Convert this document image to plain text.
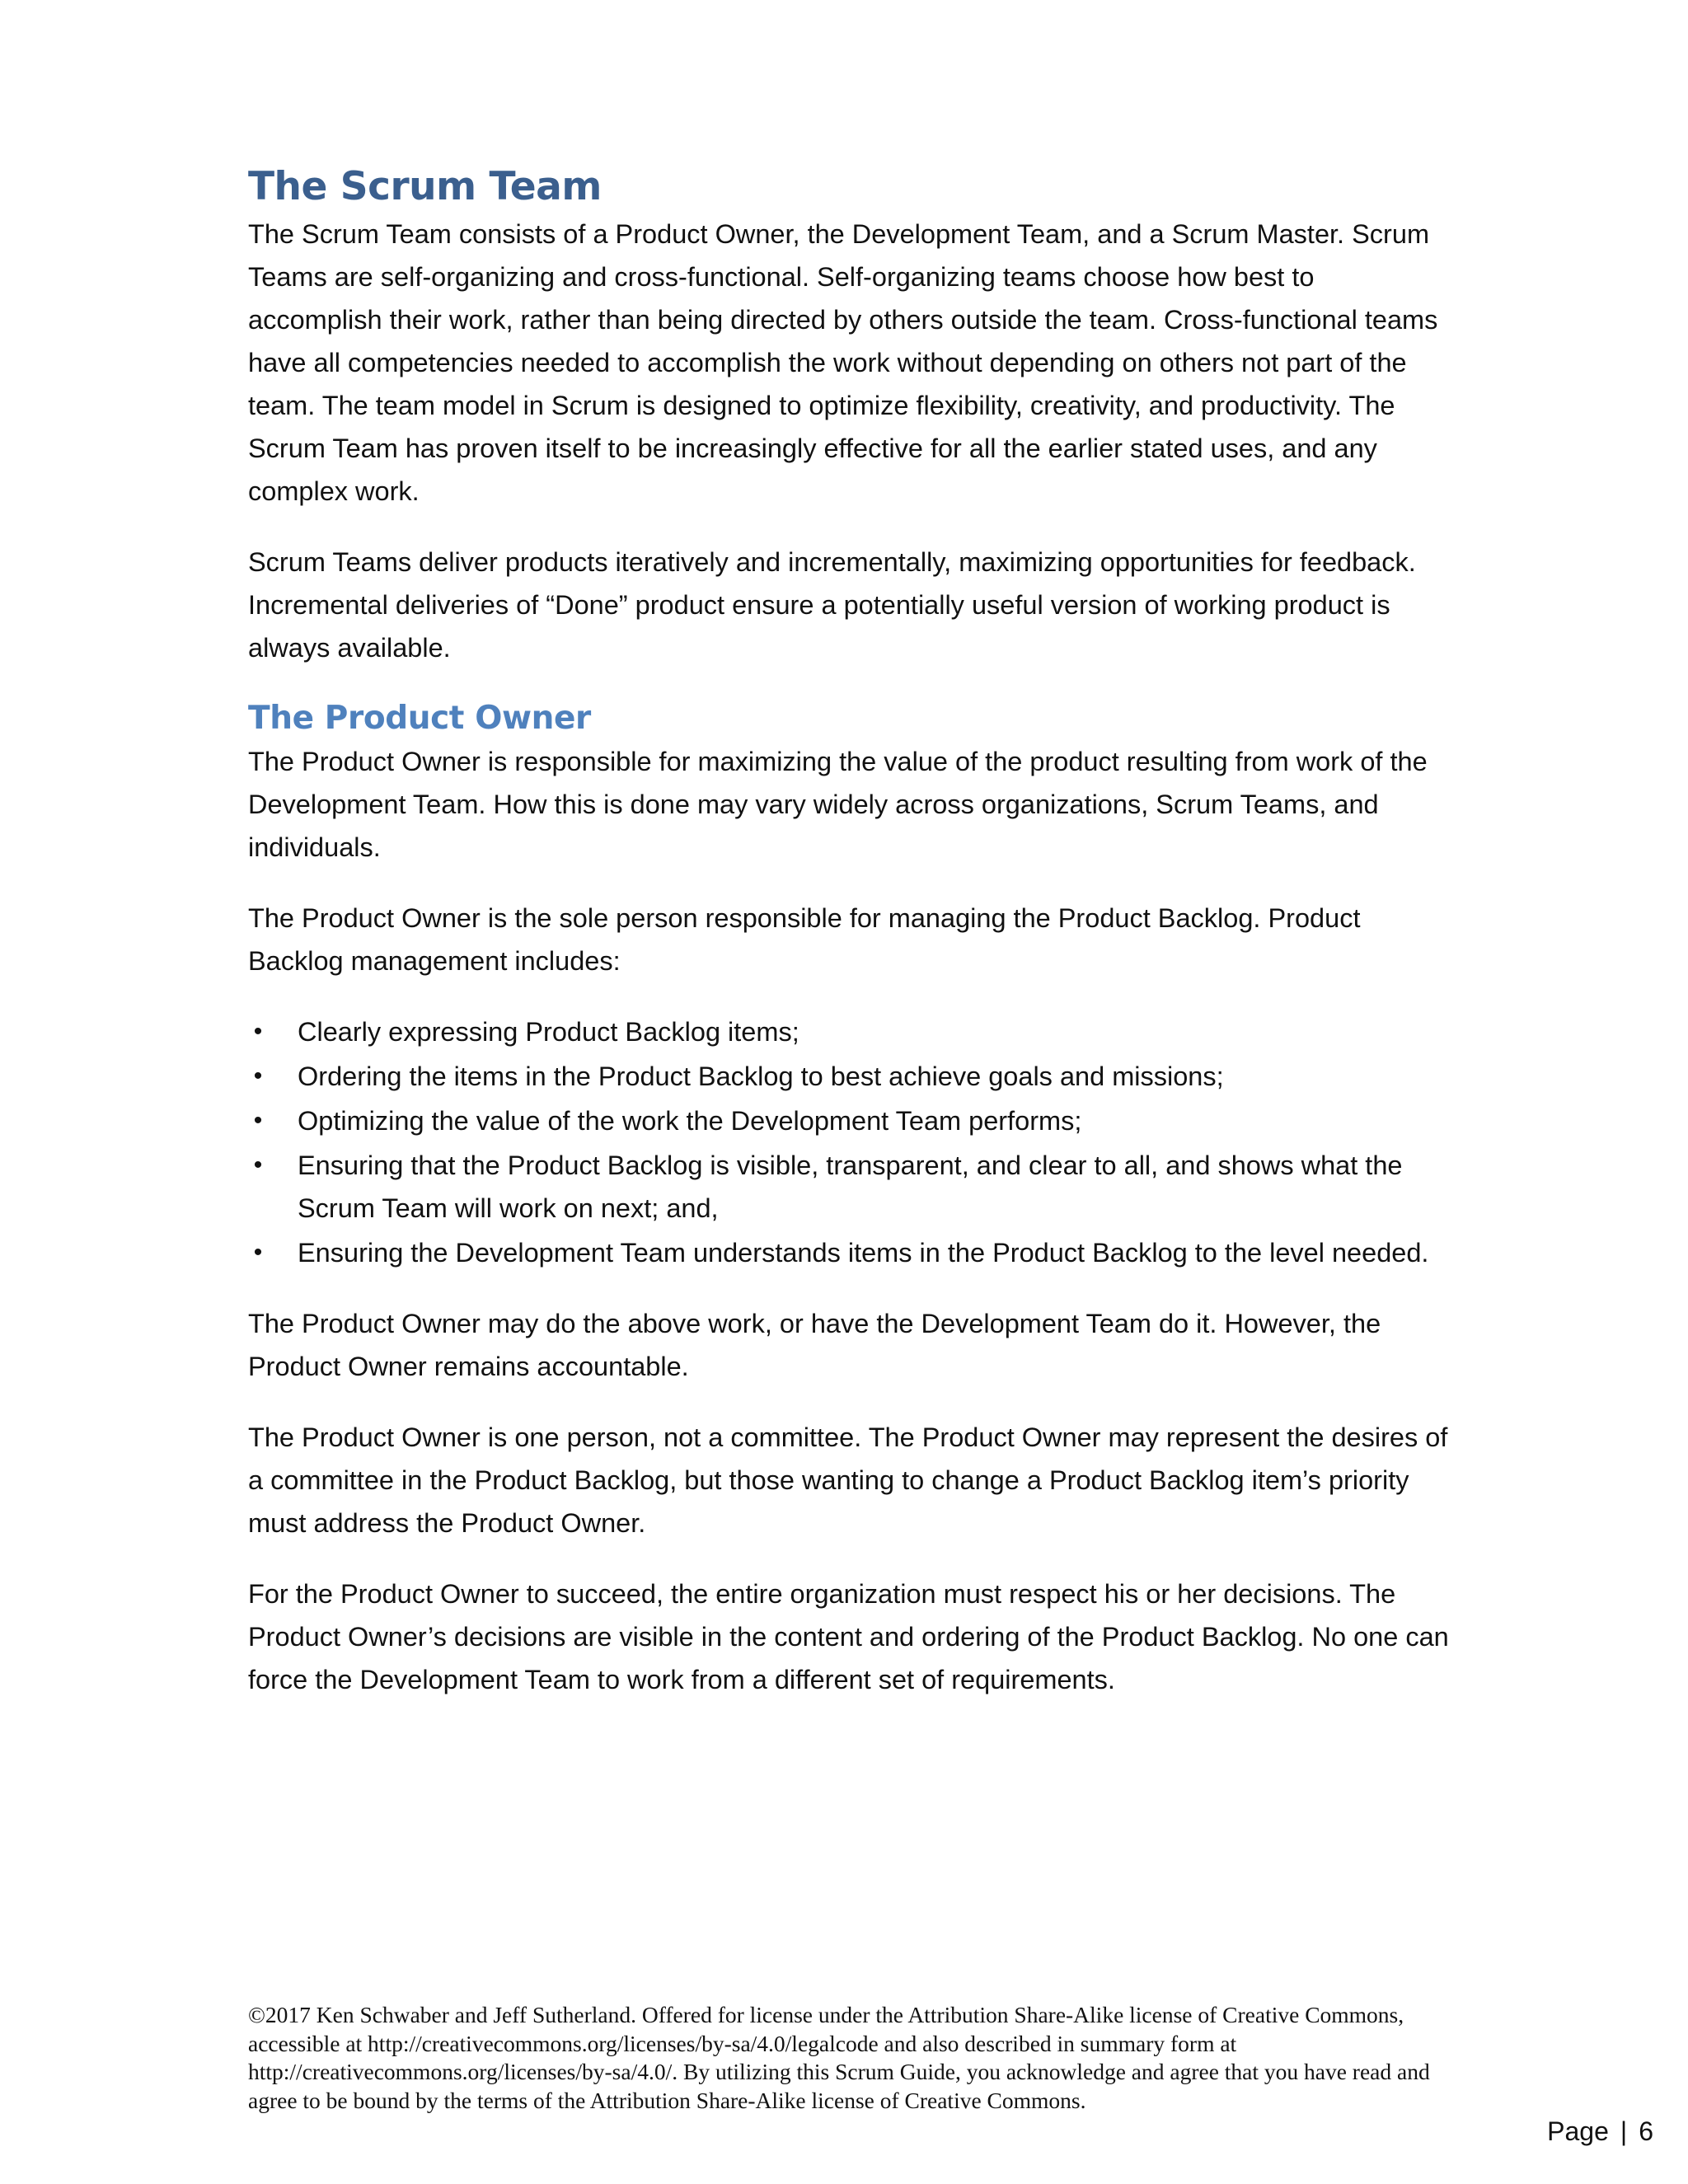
The Scrum Team

The Scrum Team consists of a Product Owner, the Development Team, and a Scrum Master. Scrum Teams are self-organizing and cross-functional. Self-organizing teams choose how best to accomplish their work, rather than being directed by others outside the team. Cross-functional teams have all competencies needed to accomplish the work without depending on others not part of the team. The team model in Scrum is designed to optimize flexibility, creativity, and productivity. The Scrum Team has proven itself to be increasingly effective for all the earlier stated uses, and any complex work.

Scrum Teams deliver products iteratively and incrementally, maximizing opportunities for feedback. Incremental deliveries of “Done” product ensure a potentially useful version of working product is always available.

The Product Owner

The Product Owner is responsible for maximizing the value of the product resulting from work of the Development Team. How this is done may vary widely across organizations, Scrum Teams, and individuals.

The Product Owner is the sole person responsible for managing the Product Backlog. Product Backlog management includes:

• Clearly expressing Product Backlog items;
• Ordering the items in the Product Backlog to best achieve goals and missions;
• Optimizing the value of the work the Development Team performs;
• Ensuring that the Product Backlog is visible, transparent, and clear to all, and shows what the Scrum Team will work on next; and,
• Ensuring the Development Team understands items in the Product Backlog to the level needed.

The Product Owner may do the above work, or have the Development Team do it. However, the Product Owner remains accountable.

The Product Owner is one person, not a committee. The Product Owner may represent the desires of a committee in the Product Backlog, but those wanting to change a Product Backlog item’s priority must address the Product Owner.

For the Product Owner to succeed, the entire organization must respect his or her decisions. The Product Owner’s decisions are visible in the content and ordering of the Product Backlog. No one can force the Development Team to work from a different set of requirements.

©2017 Ken Schwaber and Jeff Sutherland. Offered for license under the Attribution Share-Alike license of Creative Commons, accessible at http://creativecommons.org/licenses/by-sa/4.0/legalcode and also described in summary form at http://creativecommons.org/licenses/by-sa/4.0/. By utilizing this Scrum Guide, you acknowledge and agree that you have read and agree to be bound by the terms of the Attribution Share-Alike license of Creative Commons.
Page | 6
